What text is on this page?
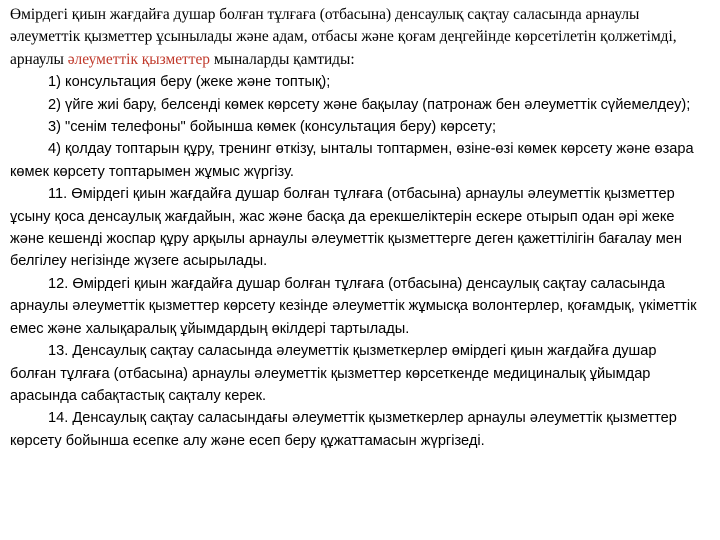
Өмірдегі қиын жағдайға душар болған тұлғаға (отбасына) денсаулық сақтау саласында арнаулы әлеуметтік қызметтер ұсынылады және адам, отбасы және қоғам деңгейінде көрсетілетін қолжетімді, арнаулы әлеуметтік қызметтер мыналарды қамтиды:

1) консультация беру (жеке және топтық);

2) үйге жиі бару, белсенді көмек көрсету және бақылау (патронаж бен әлеуметтік сүйемелдеу);

3) "сенім телефоны" бойынша көмек (консультация беру) көрсету;

4) қолдау топтарын құру, тренинг өткізу, ынталы топтармен, өзіне-өзі көмек көрсету және өзара көмек көрсету топтарымен жұмыс жүргізу.

11. Өмірдегі қиын жағдайға душар болған тұлғаға (отбасына) арнаулы әлеуметтік қызметтер ұсыну қоса денсаулық жағдайын, жас және басқа да ерекшеліктерін ескере отырып одан әрі жеке және кешенді жоспар құру арқылы арнаулы әлеуметтік қызметтерге деген қажеттілігін бағалау мен белгілеу негізінде жүзеге асырылады.

12. Өмірдегі қиын жағдайға душар болған тұлғаға (отбасына) денсаулық сақтау саласында арнаулы әлеуметтік қызметтер көрсету кезінде әлеуметтік жұмысқа волонтерлер, қоғамдық, үкіметтік емес және халықаралық ұйымдардың өкілдері тартылады.

13. Денсаулық сақтау саласында әлеуметтік қызметкерлер өмірдегі қиын жағдайға душар болған тұлғаға (отбасына) арнаулы әлеуметтік қызметтер көрсеткенде медициналық ұйымдар арасында сабақтастық сақталу керек.

14. Денсаулық сақтау саласындағы әлеуметтік қызметкерлер арнаулы әлеуметтік қызметтер көрсету бойынша есепке алу және есеп беру құжаттамасын жүргізеді.
